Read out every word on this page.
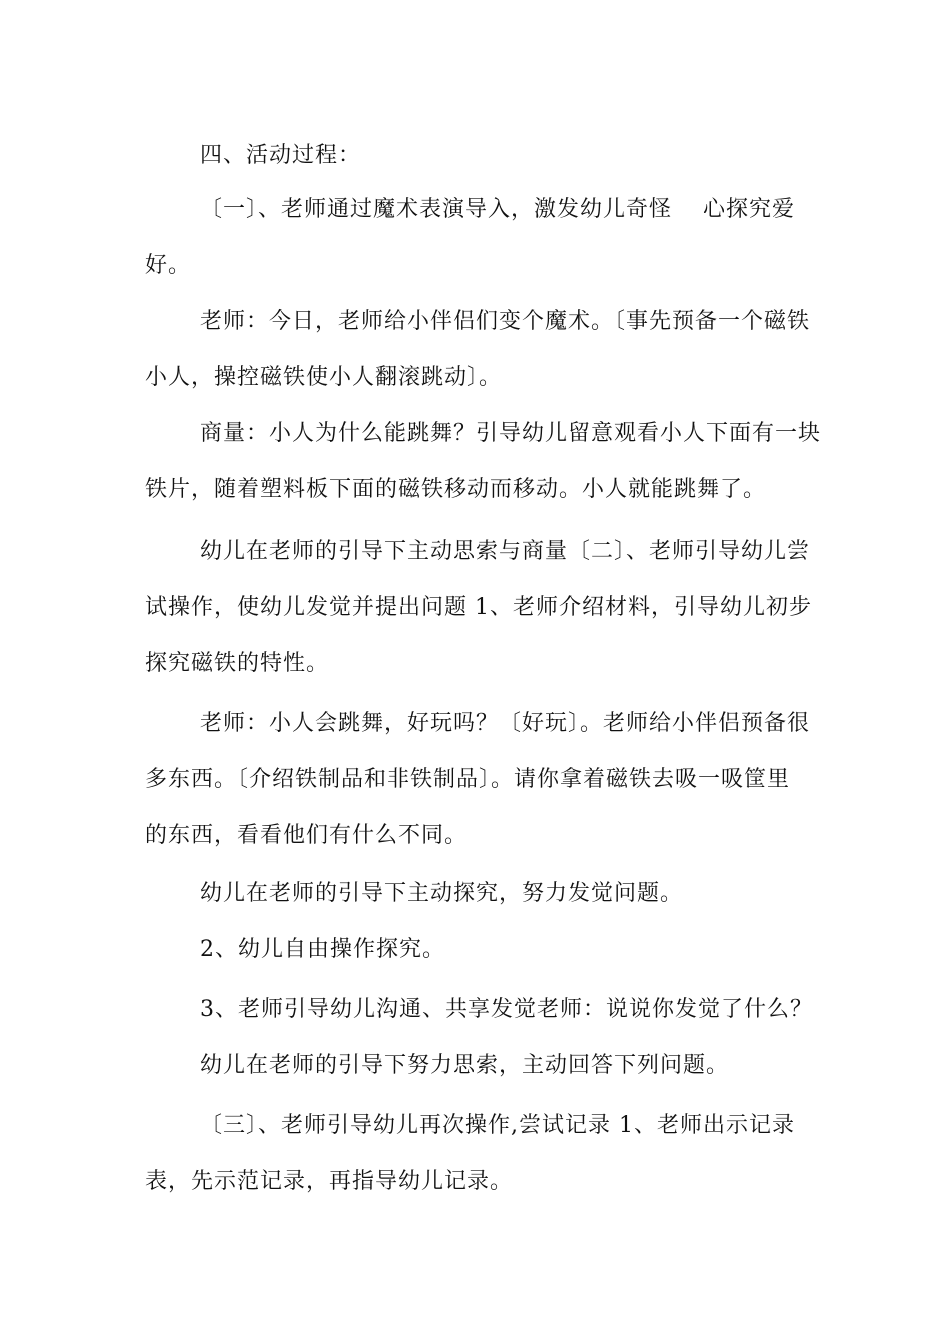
四、活动过程：
〔一〕、老师通过魔术表演导入，激发幼儿奇怪　 心探究爱
好。
老师：今日，老师给小伴侣们变个魔术。〔事先预备一个磁铁
小人，操控磁铁使小人翻滚跳动〕。
商量：小人为什么能跳舞？引导幼儿留意观看小人下面有一块
铁片，随着塑料板下面的磁铁移动而移动。小人就能跳舞了。
幼儿在老师的引导下主动思索与商量〔二〕、老师引导幼儿尝
试操作，使幼儿发觉并提出问题 1、老师介绍材料，引导幼儿初步
探究磁铁的特性。
老师：小人会跳舞，好玩吗？〔好玩〕。老师给小伴侣预备很
多东西。〔介绍铁制品和非铁制品〕。请你拿着磁铁去吸一吸筐里
的东西，看看他们有什么不同。
幼儿在老师的引导下主动探究，努力发觉问题。
2、幼儿自由操作探究。
3、老师引导幼儿沟通、共享发觉老师：说说你发觉了什么？
幼儿在老师的引导下努力思索，主动回答下列问题。
〔三〕、老师引导幼儿再次操作,尝试记录 1、老师出示记录
表，先示范记录，再指导幼儿记录。
